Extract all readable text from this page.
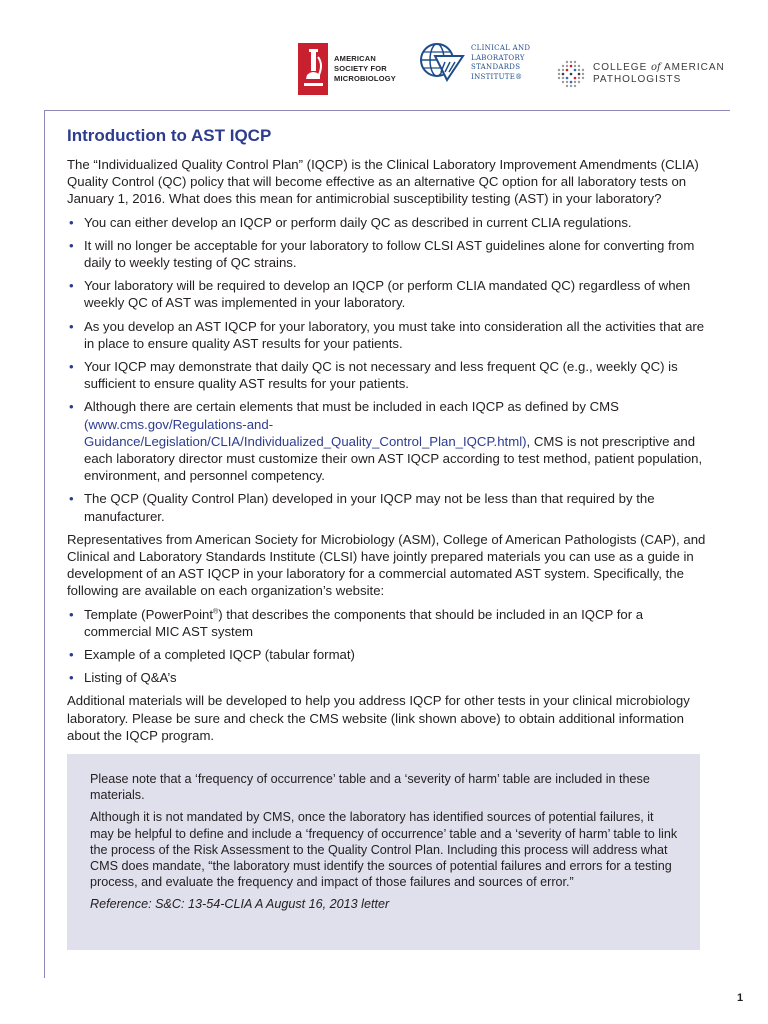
AMERICAN
SOCIETY FOR
MICROBIOLOGY
CLINICAL AND
LABORATORY
STANDARDS
INSTITUTE®
COLLEGE of AMERICAN
PATHOLOGISTS
Introduction to AST IQCP

The “Individualized Quality Control Plan” (IQCP) is the Clinical Laboratory Improvement Amendments (CLIA) Quality Control (QC) policy that will become effective as an alternative QC option for all laboratory tests on January 1, 2016. What does this mean for antimicrobial susceptibility testing (AST) in your laboratory?

• You can either develop an IQCP or perform daily QC as described in current CLIA regulations.
• It will no longer be acceptable for your laboratory to follow CLSI AST guidelines alone for converting from daily to weekly testing of QC strains.
• Your laboratory will be required to develop an IQCP (or perform CLIA mandated QC) regardless of when weekly QC of AST was implemented in your laboratory.
• As you develop an AST IQCP for your laboratory, you must take into consideration all the activities that are in place to ensure quality AST results for your patients.
• Your IQCP may demonstrate that daily QC is not necessary and less frequent QC (e.g., weekly QC) is sufficient to ensure quality AST results for your patients.
• Although there are certain elements that must be included in each IQCP as defined by CMS (www.cms.gov/Regulations-and-Guidance/Legislation/CLIA/Individualized_Quality_Control_Plan_IQCP.html), CMS is not prescriptive and each laboratory director must customize their own AST IQCP according to test method, patient population, environment, and personnel competency.
• The QCP (Quality Control Plan) developed in your IQCP may not be less than that required by the manufacturer.

Representatives from American Society for Microbiology (ASM), College of American Pathologists (CAP), and Clinical and Laboratory Standards Institute (CLSI) have jointly prepared materials you can use as a guide in development of an AST IQCP in your laboratory for a commercial automated AST system. Specifically, the following are available on each organization’s website:

• Template (PowerPoint®) that describes the components that should be included in an IQCP for a commercial MIC AST system
• Example of a completed IQCP (tabular format)
• Listing of Q&A’s

Additional materials will be developed to help you address IQCP for other tests in your clinical microbiology laboratory. Please be sure and check the CMS website (link shown above) to obtain additional information about the IQCP program.

Please note that a ‘frequency of occurrence’ table and a ‘severity of harm’ table are included in these materials.

Although it is not mandated by CMS, once the laboratory has identified sources of potential failures, it may be helpful to define and include a ‘frequency of occurrence’ table and a ‘severity of harm’ table to link the process of the Risk Assessment to the Quality Control Plan. Including this process will address what CMS does mandate, “the laboratory must identify the sources of potential failures and errors for a testing process, and evaluate the frequency and impact of those failures and sources of error.”

Reference: S&C: 13-54-CLIA A August 16, 2013 letter

1
